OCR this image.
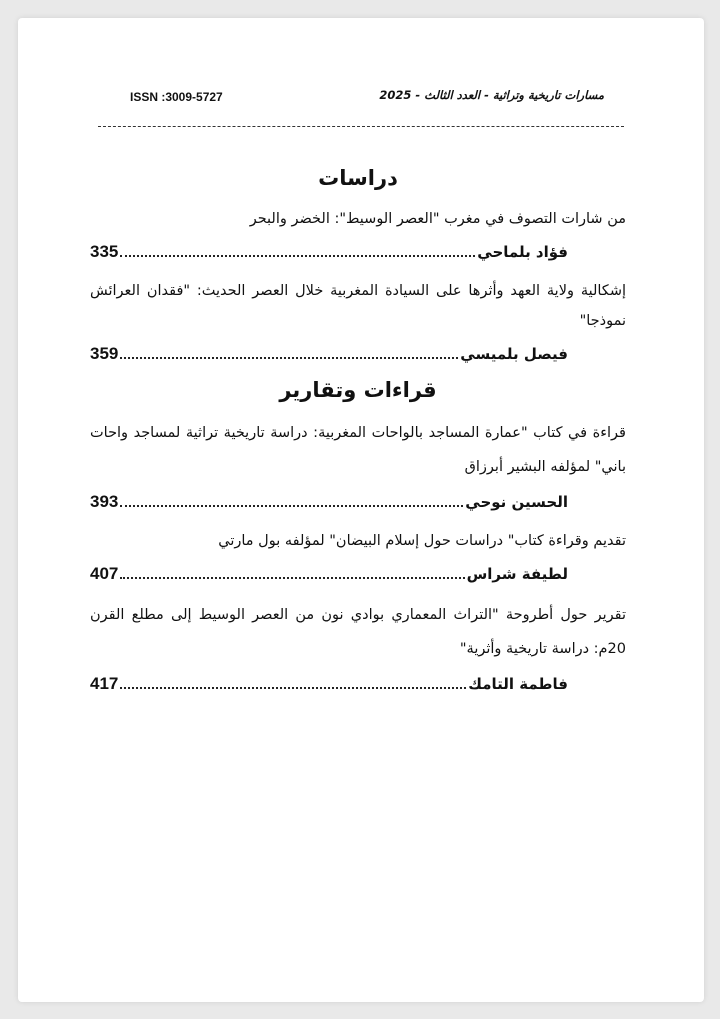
ISSN :3009-5727	مسارات تاريخية وتراثية - العدد الثالث - 2025
دراسات
من شارات التصوف في مغرب "العصر الوسيط": الخضر والبحر
فؤاد بلماحي
335
إشكالية ولاية العهد وأثرها على السيادة المغربية خلال العصر الحديث: "فقدان العرائش نموذجا"
فيصل بلميسي
359
قراءات وتقارير
قراءة في كتاب "عمارة المساجد بالواحات المغربية: دراسة تاريخية تراثية لمساجد واحات باني" لمؤلفه البشير أبرزاق
الحسين نوحي
393
تقديم وقراءة كتاب" دراسات حول إسلام البيضان" لمؤلفه بول مارتي
لطيفة شراس
407
تقرير حول أطروحة "التراث المعماري بوادي نون من العصر الوسيط إلى مطلع القرن 20م: دراسة تاريخية وأثرية"
فاطمة التامك
417
